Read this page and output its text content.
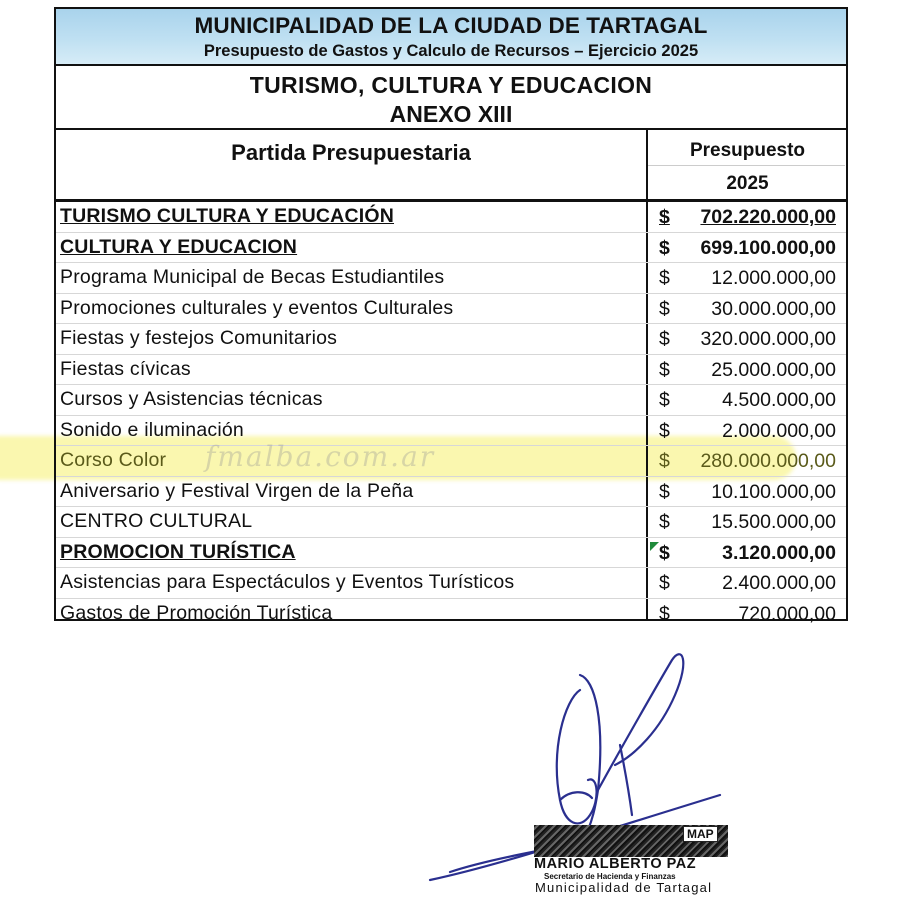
MUNICIPALIDAD DE LA CIUDAD DE TARTAGAL
Presupuesto de Gastos y Calculo de Recursos – Ejercicio 2025
TURISMO, CULTURA Y EDUCACION
ANEXO XIII
Partida Presupuestaria	Presupuesto
2025
TURISMO CULTURA Y EDUCACIÓN	$ 702.220.000,00
CULTURA Y EDUCACION	$ 699.100.000,00
Programa Municipal de Becas Estudiantiles	$ 12.000.000,00
Promociones culturales y eventos Culturales	$ 30.000.000,00
Fiestas y festejos Comunitarios	$ 320.000.000,00
Fiestas cívicas	$ 25.000.000,00
Cursos y Asistencias técnicas	$	4.500.000,00
Sonido e iluminación	$	2.000.000,00
Corso Color	$ 280.000.000,00
Aniversario y Festival Virgen de la Peña	$ 10.100.000,00
CENTRO CULTURAL	$ 15.500.000,00
PROMOCION TURÍSTICA	$	3.120.000,00
Asistencias para Espectáculos y Eventos Turísticos	$	2.400.000,00
Gastos de Promoción Turística	$	720.000,00
fmalba.com.ar
MAP
MARIO ALBERTO PAZ
Secretario de Hacienda y Finanzas
Municipalidad de Tartagal
